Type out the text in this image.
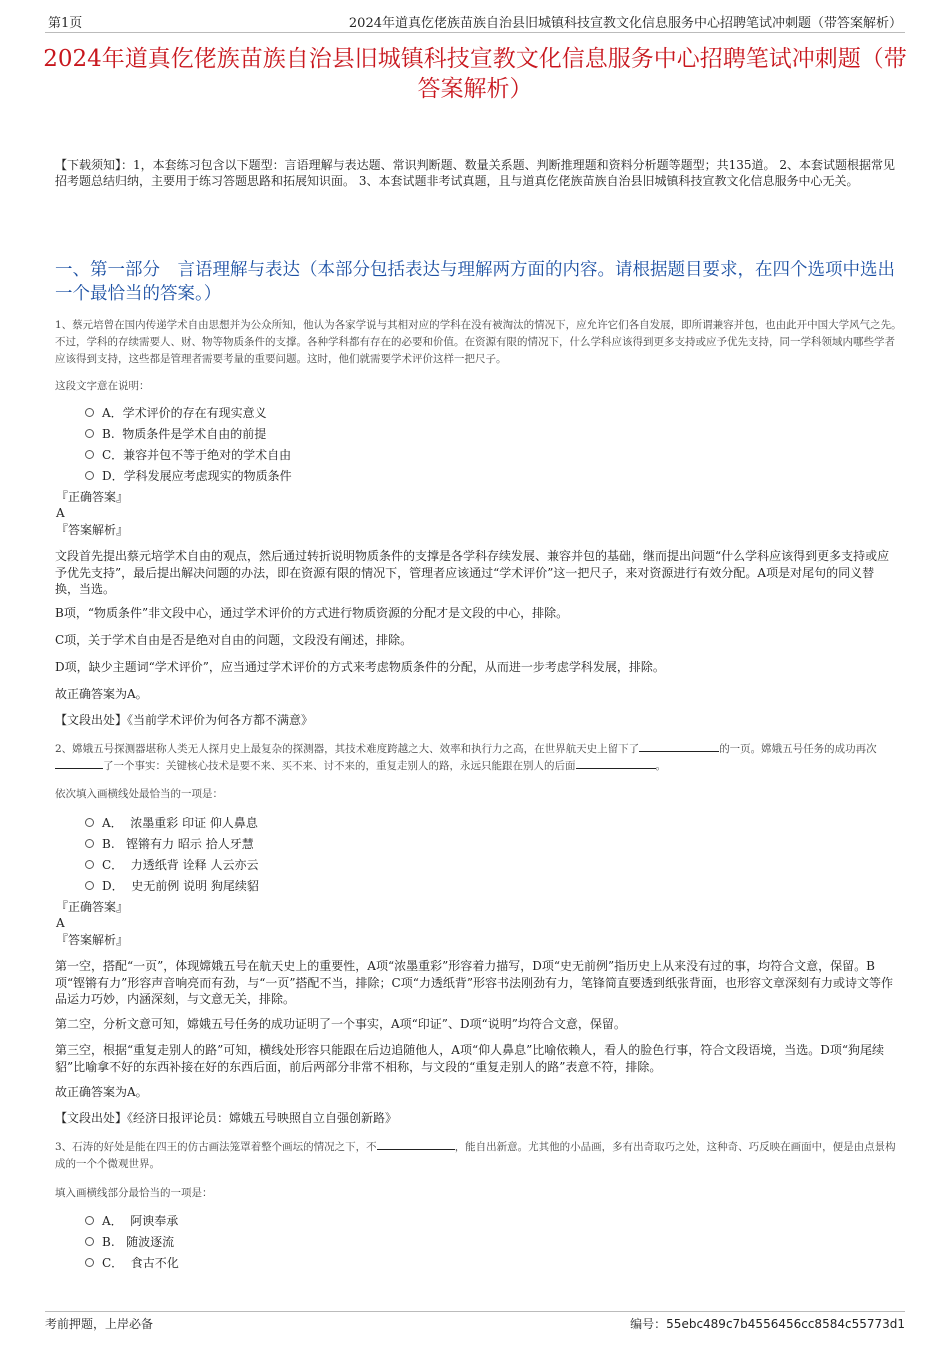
第1页	2024年道真仡佬族苗族自治县旧城镇科技宣教文化信息服务中心招聘笔试冲刺题（带答案解析）
2024年道真仡佬族苗族自治县旧城镇科技宣教文化信息服务中心招聘笔试冲刺题（带答案解析）
【下载须知】：1，本套练习包含以下题型：言语理解与表达题、常识判断题、数量关系题、判断推理题和资料分析题等题型；共135道。 2、本套试题根据常见招考题总结归纳，主要用于练习答题思路和拓展知识面。 3、本套试题非考试真题，且与道真仡佬族苗族自治县旧城镇科技宣教文化信息服务中心无关。
一、第一部分　言语理解与表达（本部分包括表达与理解两方面的内容。请根据题目要求，在四个选项中选出一个最恰当的答案。）
1、蔡元培曾在国内传递学术自由思想并为公众所知，他认为各家学说与其相对应的学科在没有被淘汰的情况下，应允许它们各自发展，即所谓兼容并包，也由此开中国大学风气之先。不过，学科的存续需要人、财、物等物质条件的支撑。各种学科都有存在的必要和价值。在资源有限的情况下，什么学科应该得到更多支持或应予优先支持，同一学科领域内哪些学者应该得到支持，这些都是管理者需要考量的重要问题。这时，他们就需要学术评价这样一把尺子。
这段文字意在说明：
A．学术评价的存在有现实意义
B.  物质条件是学术自由的前提
C．兼容并包不等于绝对的学术自由
D．学科发展应考虑现实的物质条件
『正确答案』
A
『答案解析』
文段首先提出蔡元培学术自由的观点，然后通过转折说明物质条件的支撑是各学科存续发展、兼容并包的基础，继而提出问题“什么学科应该得到更多支持或应予优先支持”，最后提出解决问题的办法，即在资源有限的情况下，管理者应该通过“学术评价”这一把尺子，来对资源进行有效分配。A项是对尾句的同义替换，当选。
B项，“物质条件”非文段中心，通过学术评价的方式进行物质资源的分配才是文段的中心，排除。
C项，关于学术自由是否是绝对自由的问题，文段没有阐述，排除。
D项，缺少主题词“学术评价”，应当通过学术评价的方式来考虑物质条件的分配，从而进一步考虑学科发展，排除。
故正确答案为A。
【文段出处】《当前学术评价为何各方都不满意》
2、嫦娥五号探测器堪称人类无人探月史上最复杂的探测器，其技术难度跨越之大、效率和执行力之高，在世界航天史上留下了	的一页。嫦娥五号任务的成功再次
了一个事实：关键核心技术是要不来、买不来、讨不来的，重复走别人的路，永远只能跟在别人的后面	。
依次填入画横线处最恰当的一项是：
A．  浓墨重彩 印证 仰人鼻息
B.   铿锵有力 昭示 拾人牙慧
C．  力透纸背 诠释 人云亦云
D．  史无前例 说明 狗尾续貂
『正确答案』
A
『答案解析』
第一空，搭配“一页”，体现嫦娥五号在航天史上的重要性，A项“浓墨重彩”形容着力描写，D项“史无前例”指历史上从来没有过的事，均符合文意，保留。B项“铿锵有力”形容声音响亮而有劲，与“一页”搭配不当，排除；C项“力透纸背”形容书法刚劲有力，笔锋简直要透到纸张背面，也形容文章深刻有力或诗文等作品运力巧妙，内涵深刻，与文意无关，排除。
第二空，分析文意可知，嫦娥五号任务的成功证明了一个事实，A项“印证”、D项“说明”均符合文意，保留。
第三空，根据“重复走别人的路”可知，横线处形容只能跟在后边追随他人，A项“仰人鼻息”比喻依赖人，看人的脸色行事，符合文段语境，当选。D项“狗尾续貂”比喻拿不好的东西补接在好的东西后面，前后两部分非常不相称，与文段的“重复走别人的路”表意不符，排除。
故正确答案为A。
【文段出处】《经济日报评论员：嫦娥五号映照自立自强创新路》
3、石涛的好处是能在四王的仿古画法笼罩着整个画坛的情况之下，不	，能自出新意。尤其他的小品画，多有出奇取巧之处，这种奇、巧反映在画面中，便是由点景构成的一个个微观世界。
填入画横线部分最恰当的一项是：
A．  阿谀奉承
B.   随波逐流
C．  食古不化
考前押题，上岸必备	编号：55ebc489c7b4556456cc8584c55773d1
